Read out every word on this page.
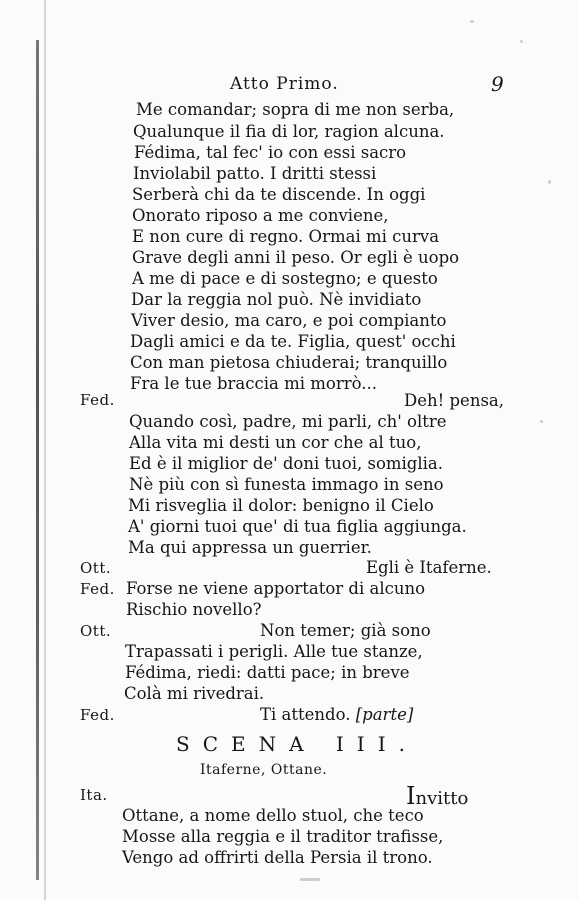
Atto Primo.	9
Me comandar; sopra di me non serba,
Qualunque il fia di lor, ragion alcuna.
Fédima, tal fec' io con essi sacro
Inviolabil patto. I dritti stessi
Serberà chi da te discende. In oggi
Onorato riposo a me conviene,
E non cure di regno. Ormai mi curva
Grave degli anni il peso. Or egli è uopo
A me di pace e di sostegno; e questo
Dar la reggia nol può. Nè invidiato
Viver desio, ma caro, e poi compianto
Dagli amici e da te. Figlia, quest' occhi
Con man pietosa chiuderai; tranquillo
Fra le tue braccia mi morrò...
Fed.	Deh! pensa,
Quando così, padre, mi parli, ch' oltre
Alla vita mi desti un cor che al tuo,
Ed è il miglior de' doni tuoi, somiglia.
Nè più con sì funesta immago in seno
Mi risveglia il dolor: benigno il Cielo
A' giorni tuoi que' di tua figlia aggiunga.
Ma qui appressa un guerrier.
Ott.	Egli è Itaferne.
Fed. Forse ne viene apportator di alcuno
Rischio novello?
Ott.	Non temer; già sono
Trapassati i perigli. Alle tue stanze,
Fédima, riedi: datti pace; in breve
Colà mi rivedrai.
Fed.	Ti attendo. [parte]
SCENA III.
Itaferne, Ottane.
Ita.	Invitto
Ottane, a nome dello stuol, che teco
Mosse alla reggia e il traditor trafisse,
Vengo ad offrirti della Persia il trono.
